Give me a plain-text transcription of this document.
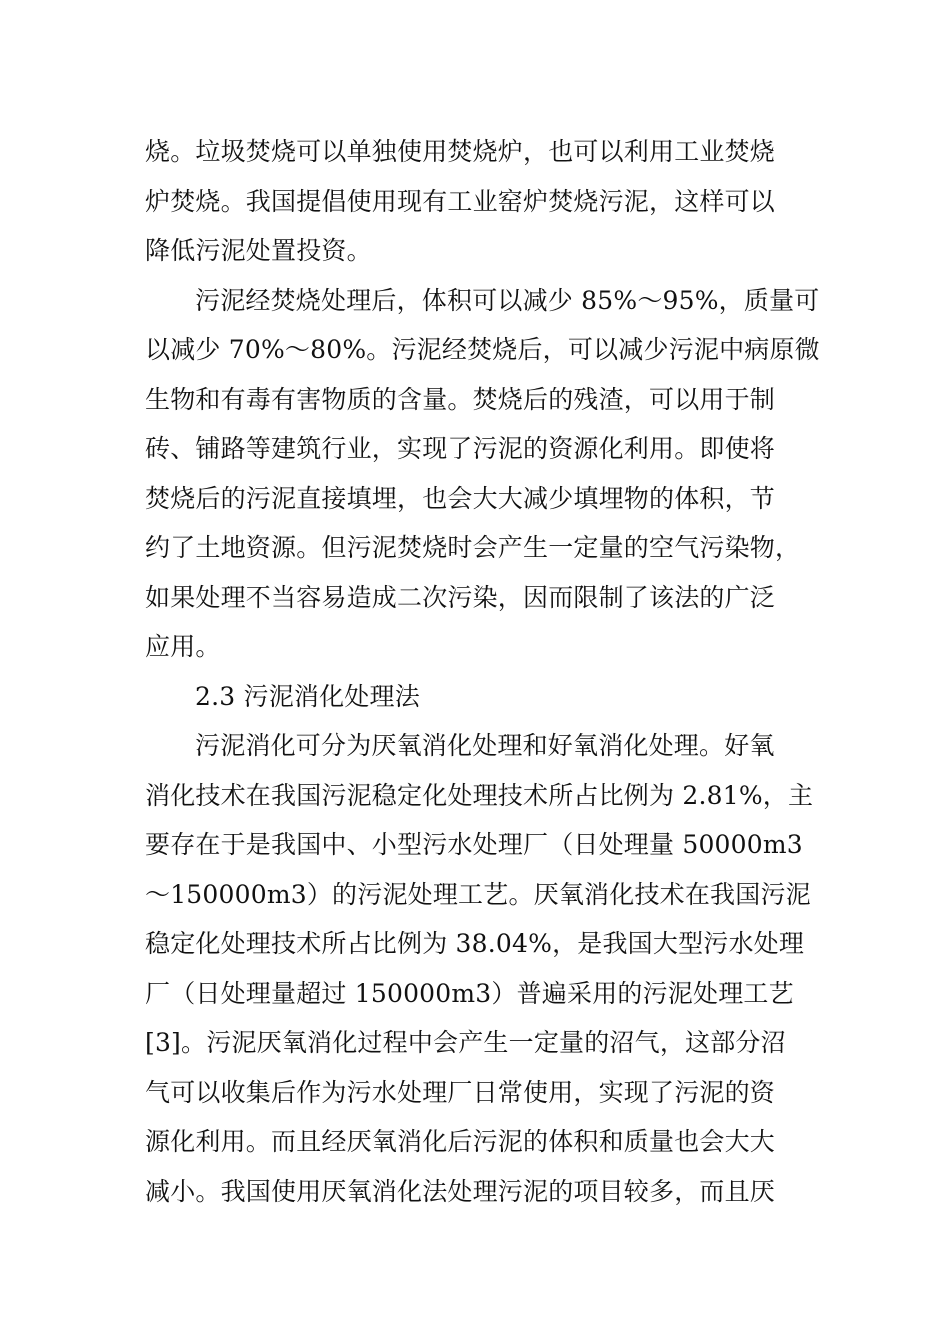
烧。垃圾焚烧可以单独使用焚烧炉，也可以利用工业焚烧
炉焚烧。我国提倡使用现有工业窑炉焚烧污泥，这样可以
降低污泥处置投资。
污泥经焚烧处理后，体积可以减少 85%～95%，质量可
以减少 70%～80%。污泥经焚烧后，可以减少污泥中病原微
生物和有毒有害物质的含量。焚烧后的残渣，可以用于制
砖、铺路等建筑行业，实现了污泥的资源化利用。即使将
焚烧后的污泥直接填埋，也会大大减少填埋物的体积，节
约了土地资源。但污泥焚烧时会产生一定量的空气污染物，
如果处理不当容易造成二次污染，因而限制了该法的广泛
应用。
2.3 污泥消化处理法
污泥消化可分为厌氧消化处理和好氧消化处理。好氧
消化技术在我国污泥稳定化处理技术所占比例为 2.81%，主
要存在于是我国中、小型污水处理厂（日处理量 50000m3
～150000m3）的污泥处理工艺。厌氧消化技术在我国污泥
稳定化处理技术所占比例为 38.04%，是我国大型污水处理
厂（日处理量超过 150000m3）普遍采用的污泥处理工艺
[3]。污泥厌氧消化过程中会产生一定量的沼气，这部分沼
气可以收集后作为污水处理厂日常使用，实现了污泥的资
源化利用。而且经厌氧消化后污泥的体积和质量也会大大
减小。我国使用厌氧消化法处理污泥的项目较多，而且厌
